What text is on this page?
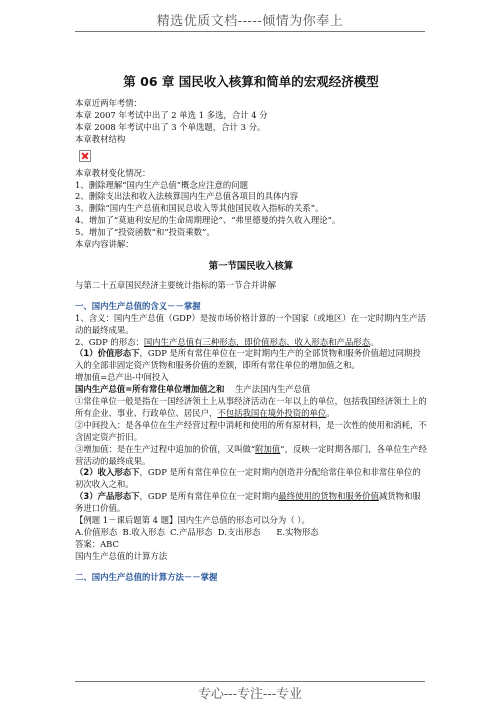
精选优质文档-----倾情为你奉上
第 06 章 国民收入核算和简单的宏观经济模型
本章近两年考情：
本章 2007 年考试中出了 2 单选 1 多选，合计 4 分
本章 2008 年考试中出了 3 个单选题，合计 3 分。
本章教材结构
本章教材变化情况：
1、删除理解“国内生产总值”概念应注意的问题
2、删除支出法和收入法核算国内生产总值各项目的具体内容
3、删除“国内生产总值和国民总收入等其他国民收入指标的关系”。
4、增加了“莫迪利安尼的生命周期理论”、“弗里德曼的持久收入理论”。
5、增加了“投资函数”和“投资乘数”。
本章内容讲解：
第一节国民收入核算
与第二十五章国民经济主要统计指标的第一节合并讲解
一、国内生产总值的含义－－掌握
1、含义：国内生产总值（GDP）是按市场价格计算的一个国家（或地区）在一定时期内生产活动的最终成果。
2、GDP 的形态：国内生产总值有三种形态，即价值形态、收入形态和产品形态。
（1）价值形态下，GDP 是所有常住单位在一定时期内生产的全部货物和服务价值超过同期投入的全部非固定资产货物和服务价值的差额，即所有常住单位的增加值之和。
增加值=总产出-中间投入
国内生产总值=所有常住单位增加值之和    生产法国内生产总值
①常住单位一般是指在一国经济领土上从事经济活动在一年以上的单位，包括我国经济领土上的所有企业、事业、行政单位、居民户，不包括我国在境外投资的单位。
②中间投入：是各单位在生产经营过程中消耗和使用的所有原材料，是一次性的使用和消耗，不含固定资产折旧。
③增加值：是在生产过程中追加的价值，又叫做“附加值”，反映一定时期各部门，各单位生产经营活动的最终成果。
（2）收入形态下，GDP 是所有常住单位在一定时期内创造并分配给常住单位和非常住单位的初次收入之和。
（3）产品形态下，GDP 是所有常住单位在一定时期内最终使用的货物和服务价值减货物和服务进口价值。
【例题 1－课后题第 4 题】国内生产总值的形态可以分为（ ）。
A.价值形态  B.收入形态  C.产品形态  D.支出形态      E.实物形态
答案：ABC
国内生产总值的计算方法
二、国内生产总值的计算方法－－掌握
专心---专注---专业
